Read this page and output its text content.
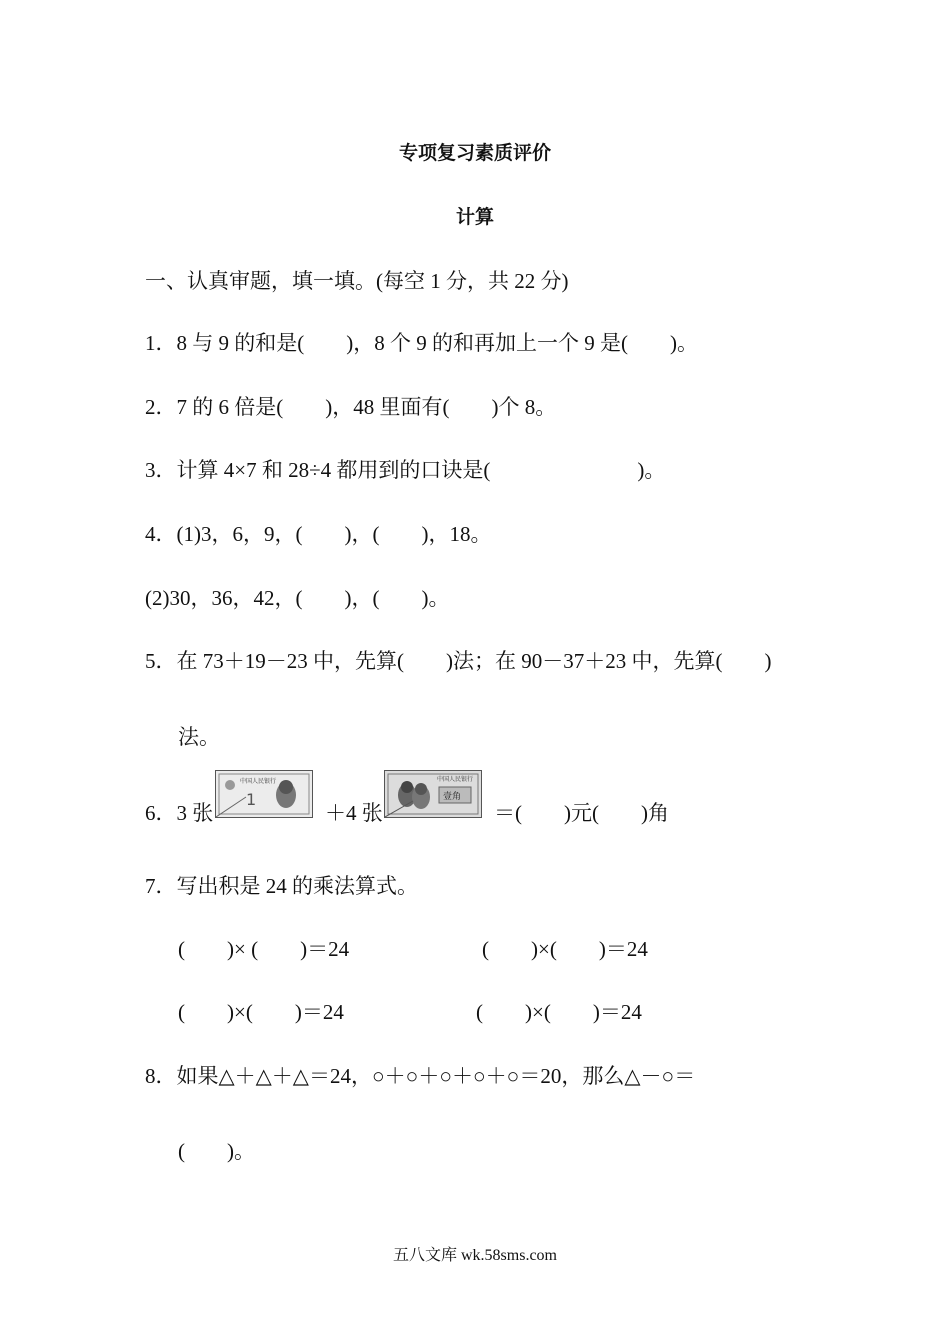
专项复习素质评价
计算
一、认真审题，填一填。(每空 1 分，共 22 分)
1．8 与 9 的和是(　　)，8 个 9 的和再加上一个 9 是(　　)。
2．7 的 6 倍是(　　)，48 里面有(　　)个 8。
3．计算 4×7 和 28÷4 都用到的口诀是(　　　　　　　)。
4．(1)3，6，9，(　　)，(　　)，18。
(2)30，36，42，(　　)，(　　)。
5．在 73＋19－23 中，先算(　　)法；在 90－37＋23 中，先算(　　)
法。
6．3 张
中国人民银行
1
＋4 张
中国人民银行
壹角
＝(　　)元(　　)角
7．写出积是 24 的乘法算式。
(　　)× (　　)＝24	(　　)×(　　)＝24
(　　)×(　　)＝24	(　　)×(　　)＝24
8．如果△＋△＋△＝24，○＋○＋○＋○＋○＝20，那么△－○＝
(　　)。
五八文库 wk.58sms.com
